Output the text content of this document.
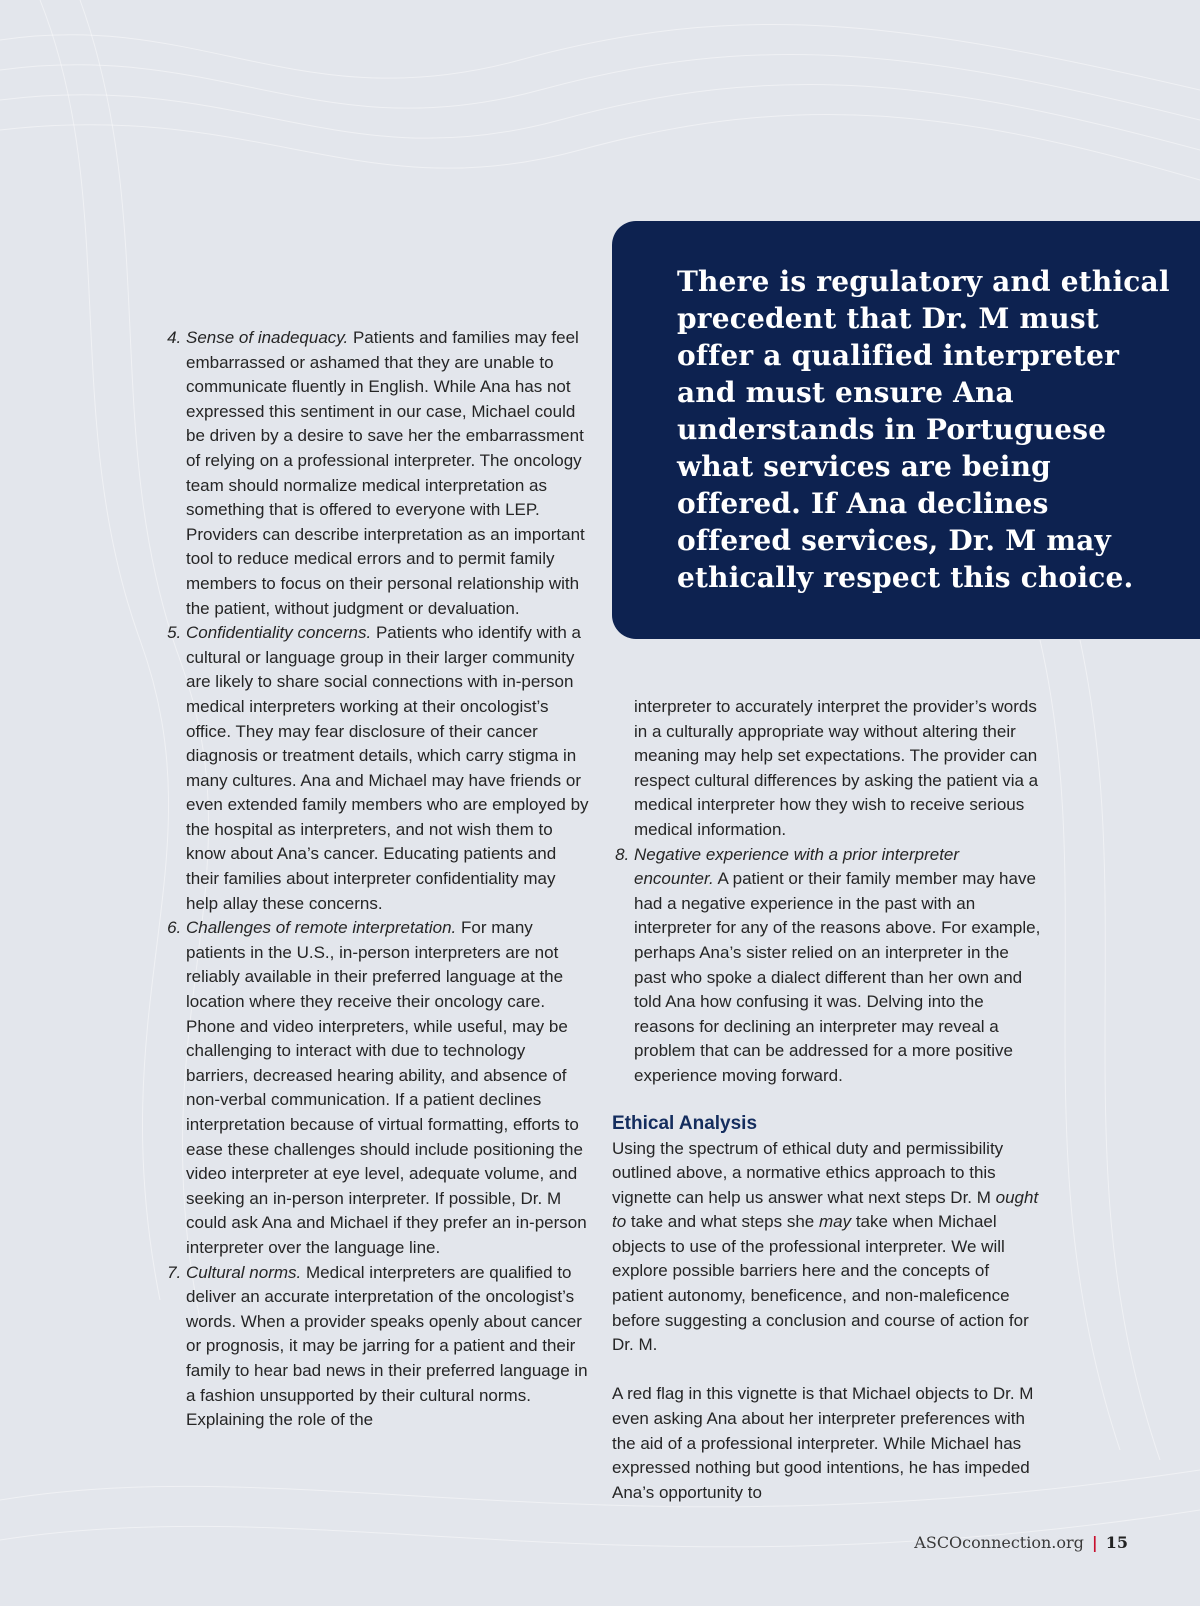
There is regulatory and ethical precedent that Dr. M must offer a qualified interpreter and must ensure Ana understands in Portuguese what services are being offered. If Ana declines offered services, Dr. M may ethically respect this choice.

4. Sense of inadequacy. Patients and families may feel embarrassed or ashamed that they are unable to communicate fluently in English. While Ana has not expressed this sentiment in our case, Michael could be driven by a desire to save her the embarrassment of relying on a professional interpreter. The oncology team should normalize medical interpretation as something that is offered to everyone with LEP. Providers can describe interpretation as an important tool to reduce medical errors and to permit family members to focus on their personal relationship with the patient, without judgment or devaluation.
5. Confidentiality concerns. Patients who identify with a cultural or language group in their larger community are likely to share social connections with in-person medical interpreters working at their oncologist’s office. They may fear disclosure of their cancer diagnosis or treatment details, which carry stigma in many cultures. Ana and Michael may have friends or even extended family members who are employed by the hospital as interpreters, and not wish them to know about Ana’s cancer. Educating patients and their families about interpreter confidentiality may help allay these concerns.
6. Challenges of remote interpretation. For many patients in the U.S., in-person interpreters are not reliably available in their preferred language at the location where they receive their oncology care. Phone and video interpreters, while useful, may be challenging to interact with due to technology barriers, decreased hearing ability, and absence of non-verbal communication. If a patient declines interpretation because of virtual formatting, efforts to ease these challenges should include positioning the video interpreter at eye level, adequate volume, and seeking an in-person interpreter. If possible, Dr. M could ask Ana and Michael if they prefer an in-person interpreter over the language line.
7. Cultural norms. Medical interpreters are qualified to deliver an accurate interpretation of the oncologist’s words. When a provider speaks openly about cancer or prognosis, it may be jarring for a patient and their family to hear bad news in their preferred language in a fashion unsupported by their cultural norms. Explaining the role of the

interpreter to accurately interpret the provider’s words in a culturally appropriate way without altering their meaning may help set expectations. The provider can respect cultural differences by asking the patient via a medical interpreter how they wish to receive serious medical information.

8. Negative experience with a prior interpreter encounter. A patient or their family member may have had a negative experience in the past with an interpreter for any of the reasons above. For example, perhaps Ana’s sister relied on an interpreter in the past who spoke a dialect different than her own and told Ana how confusing it was. Delving into the reasons for declining an interpreter may reveal a problem that can be addressed for a more positive experience moving forward.
Ethical Analysis

Using the spectrum of ethical duty and permissibility outlined above, a normative ethics approach to this vignette can help us answer what next steps Dr. M ought to take and what steps she may take when Michael objects to use of the professional interpreter. We will explore possible barriers here and the concepts of patient autonomy, beneficence, and non-maleficence before suggesting a conclusion and course of action for Dr. M.

A red flag in this vignette is that Michael objects to Dr. M even asking Ana about her interpreter preferences with the aid of a professional interpreter. While Michael has expressed nothing but good intentions, he has impeded Ana’s opportunity to

ASCOconnection.org | 15
